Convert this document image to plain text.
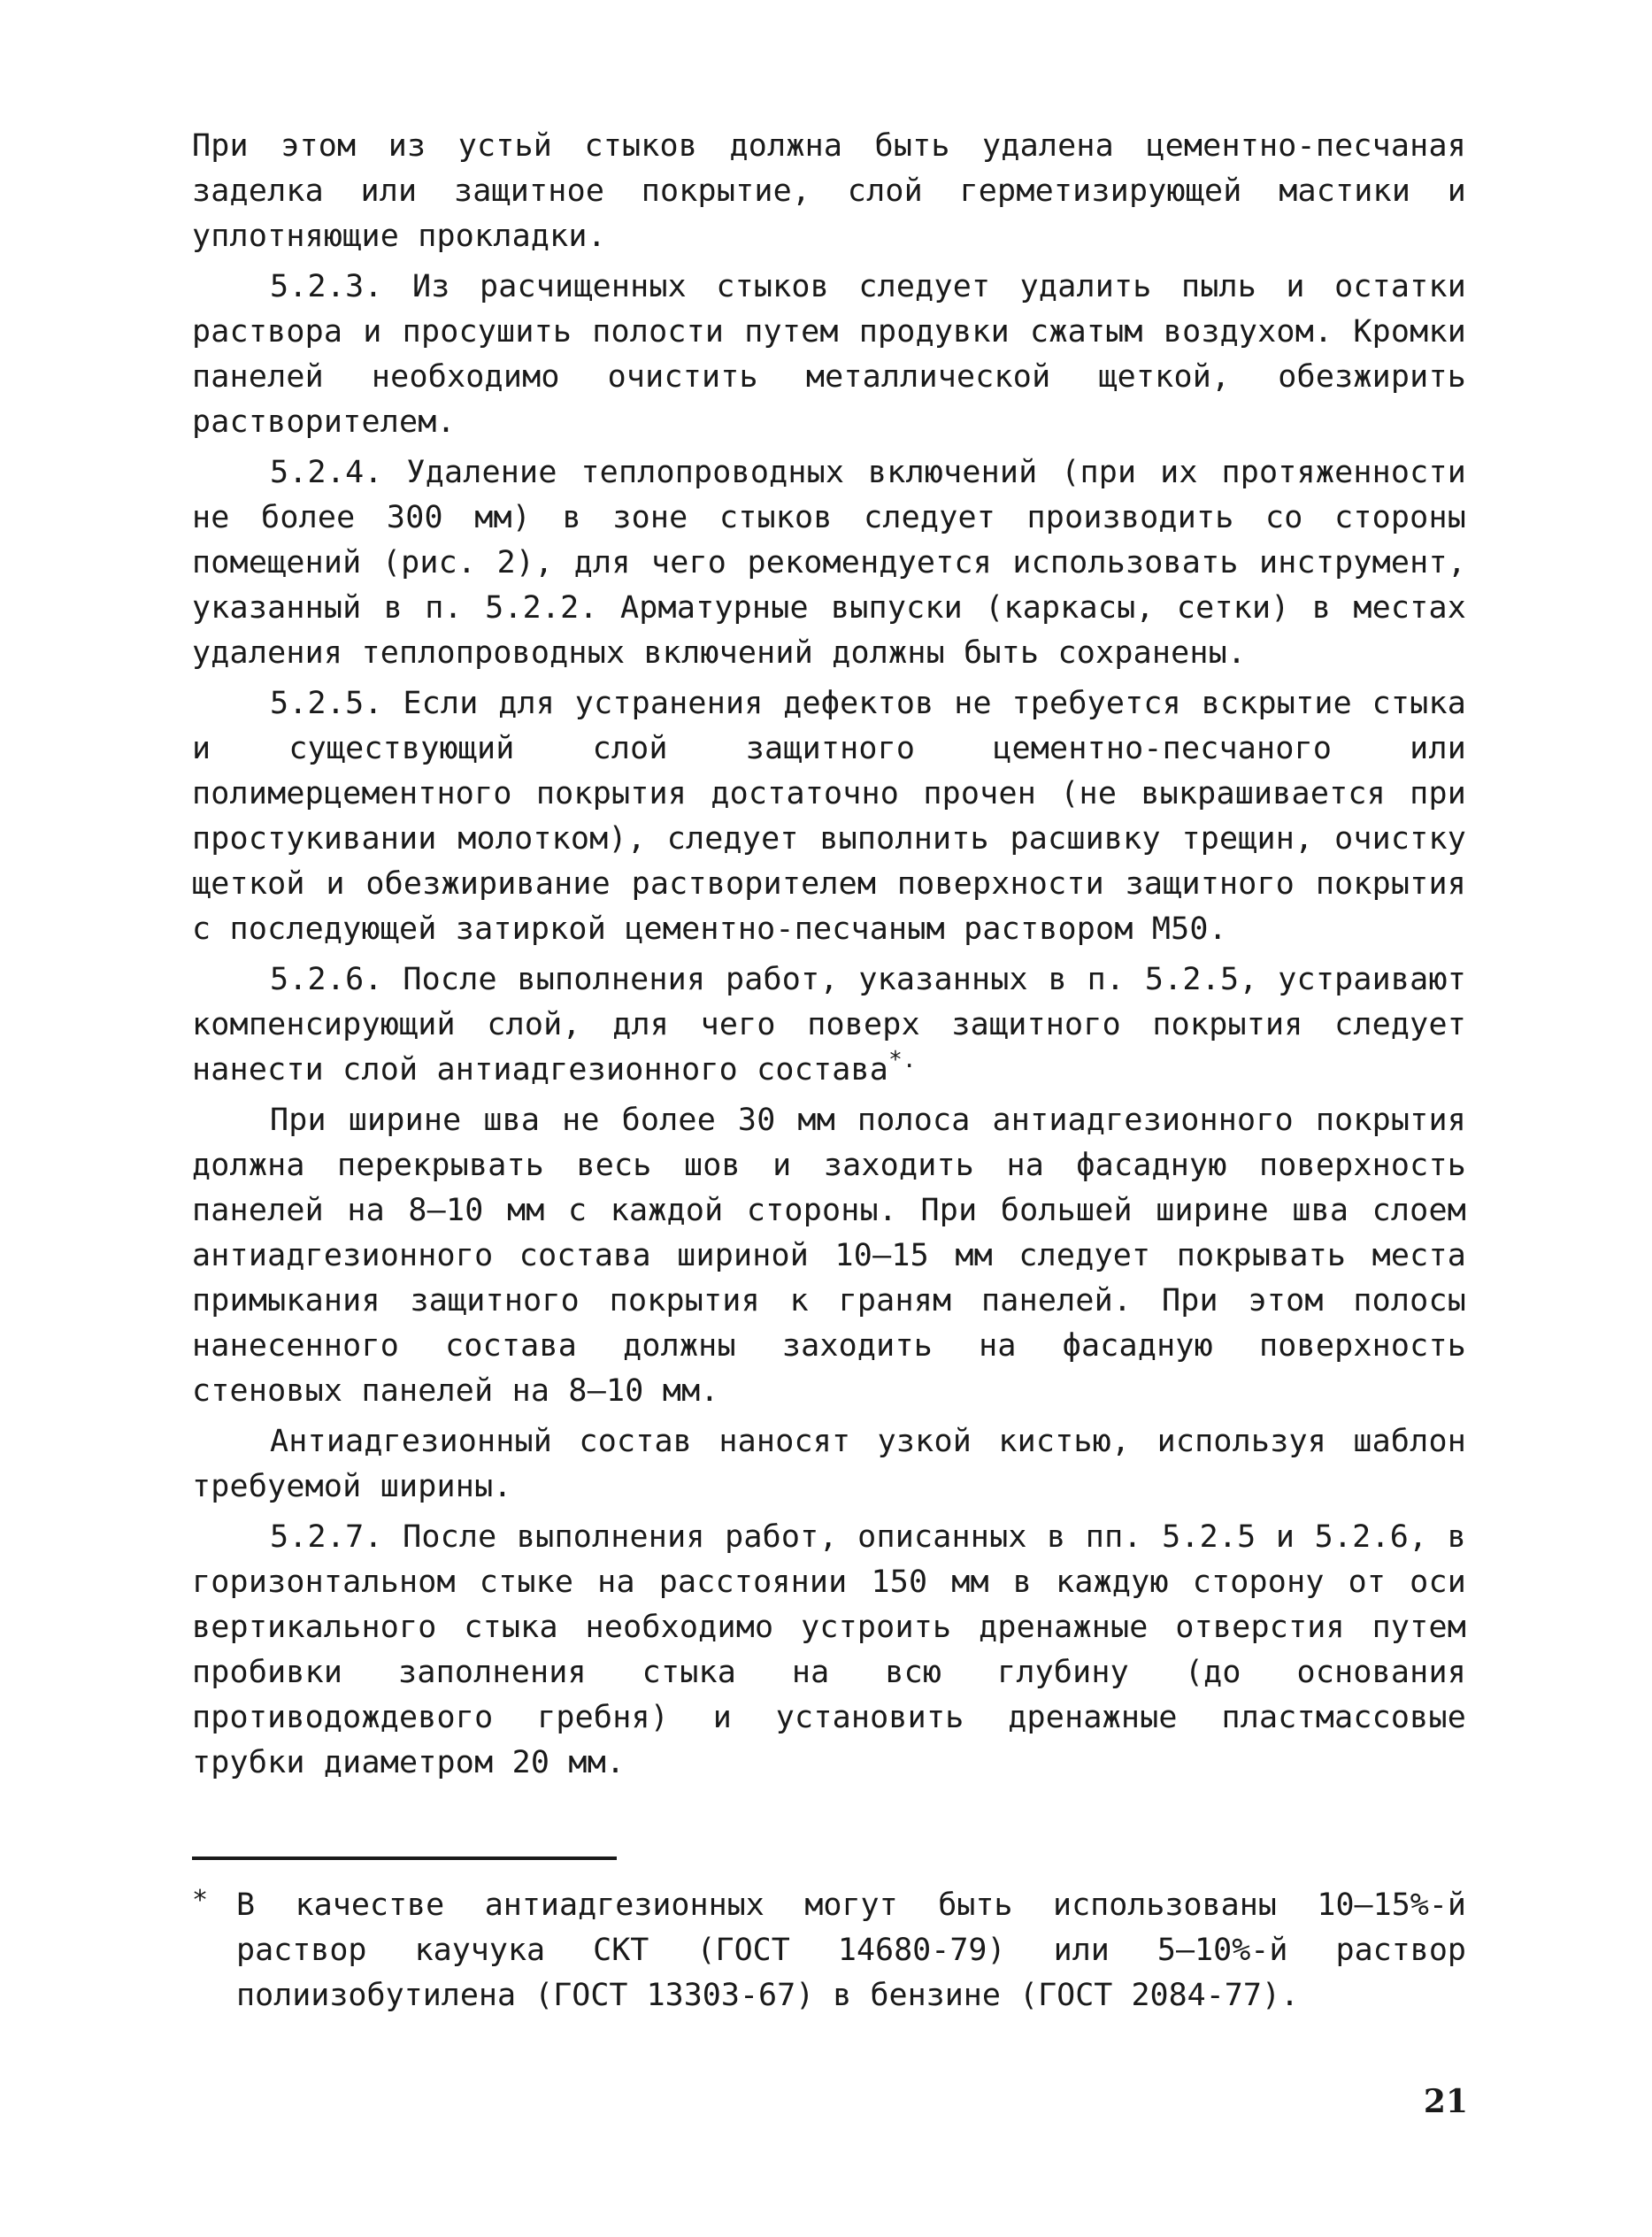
При этом из устьй стыков должна быть удалена цементно-песчаная заделка или защитное покрытие, слой герметизирующей мастики и уплотняющие прокладки.

5.2.3. Из расчищенных стыков следует удалить пыль и остатки раствора и просушить полости путем продувки сжатым воздухом. Кромки панелей необходимо очистить металлической щеткой, обезжирить растворителем.

5.2.4. Удаление теплопроводных включений (при их протяженности не более 300 мм) в зоне стыков следует производить со стороны помещений (рис. 2), для чего рекомендуется использовать инструмент, указанный в п. 5.2.2. Арматурные выпуски (каркасы, сетки) в местах удаления теплопроводных включений должны быть сохранены.

5.2.5. Если для устранения дефектов не требуется вскрытие стыка и существующий слой защитного цементно-песчаного или полимерцементного покрытия достаточно прочен (не выкрашивается при простукивании молотком), следует выполнить расшивку трещин, очистку щеткой и обезжиривание растворителем поверхности защитного покрытия с последующей затиркой цементно-песчаным раствором М50.

5.2.6. После выполнения работ, указанных в п. 5.2.5, устраивают компенсирующий слой, для чего поверх защитного покрытия следует нанести слой антиадгезионного состава*.

При ширине шва не более 30 мм полоса антиадгезионного покрытия должна перекрывать весь шов и заходить на фасадную поверхность панелей на 8–10 мм с каждой стороны. При большей ширине шва слоем антиадгезионного состава шириной 10–15 мм следует покрывать места примыкания защитного покрытия к граням панелей. При этом полосы нанесенного состава должны заходить на фасадную поверхность стеновых панелей на 8–10 мм.

Антиадгезионный состав наносят узкой кистью, используя шаблон требуемой ширины.

5.2.7. После выполнения работ, описанных в пп. 5.2.5 и 5.2.6, в горизонтальном стыке на расстоянии 150 мм в каждую сторону от оси вертикального стыка необходимо устроить дренажные отверстия путем пробивки заполнения стыка на всю глубину (до основания противодождевого гребня) и установить дренажные пластмассовые трубки диаметром 20 мм.

* В качестве антиадгезионных могут быть использованы 10–15%-й раствор каучука СКТ (ГОСТ 14680-79) или 5–10%-й раствор полиизобутилена (ГОСТ 13303-67) в бензине (ГОСТ 2084-77).

21
